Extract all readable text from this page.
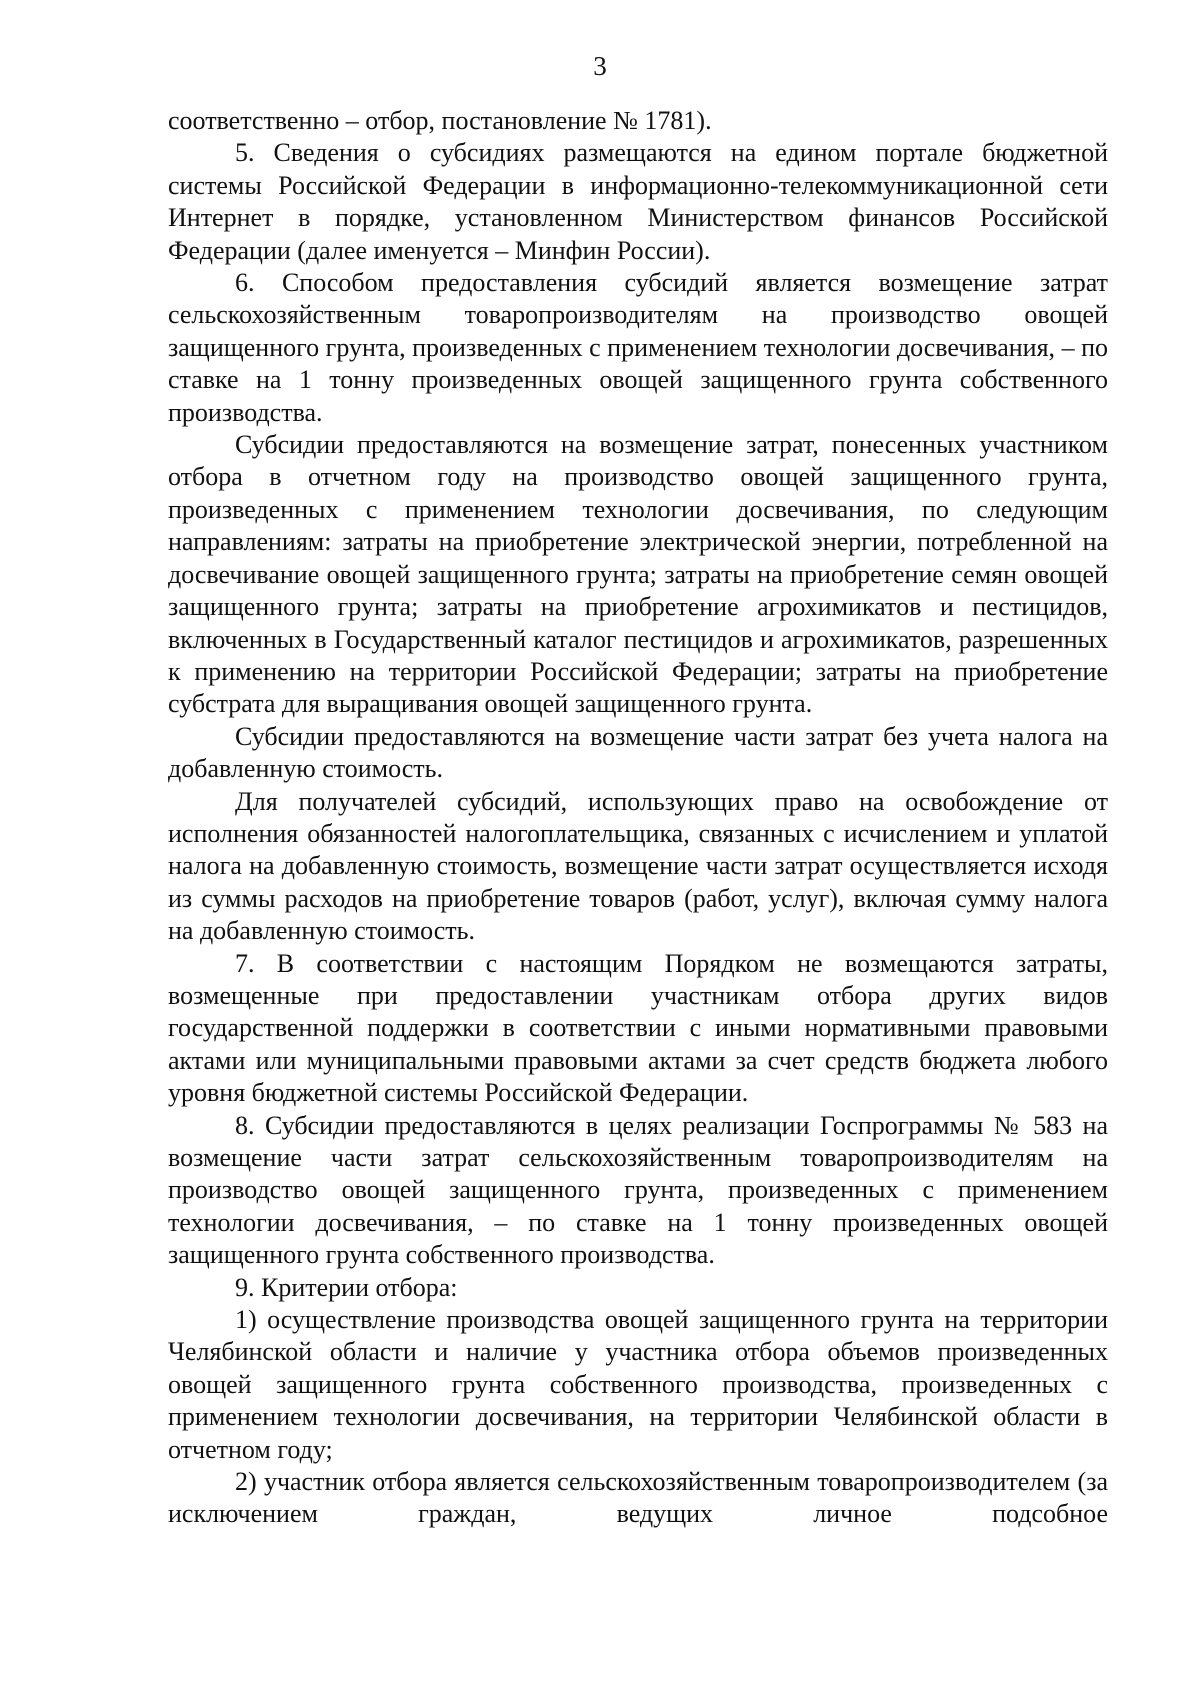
3

соответственно – отбор, постановление № 1781).

5. Сведения о субсидиях размещаются на едином портале бюджетной системы Российской Федерации в информационно-телекоммуникационной сети Интернет в порядке, установленном Министерством финансов Российской Федерации (далее именуется – Минфин России).

6. Способом предоставления субсидий является возмещение затрат сельскохозяйственным товаропроизводителям на производство овощей защищенного грунта, произведенных с применением технологии досвечивания, – по ставке на 1 тонну произведенных овощей защищенного грунта собственного производства.

Субсидии предоставляются на возмещение затрат, понесенных участником отбора в отчетном году на производство овощей защищенного грунта, произведенных с применением технологии досвечивания, по следующим направлениям: затраты на приобретение электрической энергии, потребленной на досвечивание овощей защищенного грунта; затраты на приобретение семян овощей защищенного грунта; затраты на приобретение агрохимикатов и пестицидов, включенных в Государственный каталог пестицидов и агрохимикатов, разрешенных к применению на территории Российской Федерации; затраты на приобретение субстрата для выращивания овощей защищенного грунта.

Субсидии предоставляются на возмещение части затрат без учета налога на добавленную стоимость.

Для получателей субсидий, использующих право на освобождение от исполнения обязанностей налогоплательщика, связанных с исчислением и уплатой налога на добавленную стоимость, возмещение части затрат осуществляется исходя из суммы расходов на приобретение товаров (работ, услуг), включая сумму налога на добавленную стоимость.

7. В соответствии с настоящим Порядком не возмещаются затраты, возмещенные при предоставлении участникам отбора других видов государственной поддержки в соответствии с иными нормативными правовыми актами или муниципальными правовыми актами за счет средств бюджета любого уровня бюджетной системы Российской Федерации.

8. Субсидии предоставляются в целях реализации Госпрограммы № 583 на возмещение части затрат сельскохозяйственным товаропроизводителям на производство овощей защищенного грунта, произведенных с применением технологии досвечивания, – по ставке на 1 тонну произведенных овощей защищенного грунта собственного производства.

9. Критерии отбора:

1) осуществление производства овощей защищенного грунта на территории Челябинской области и наличие у участника отбора объемов произведенных овощей защищенного грунта собственного производства, произведенных с применением технологии досвечивания, на территории Челябинской области в отчетном году;

2) участник отбора является сельскохозяйственным товаропроизводителем (за исключением граждан, ведущих личное подсобное
